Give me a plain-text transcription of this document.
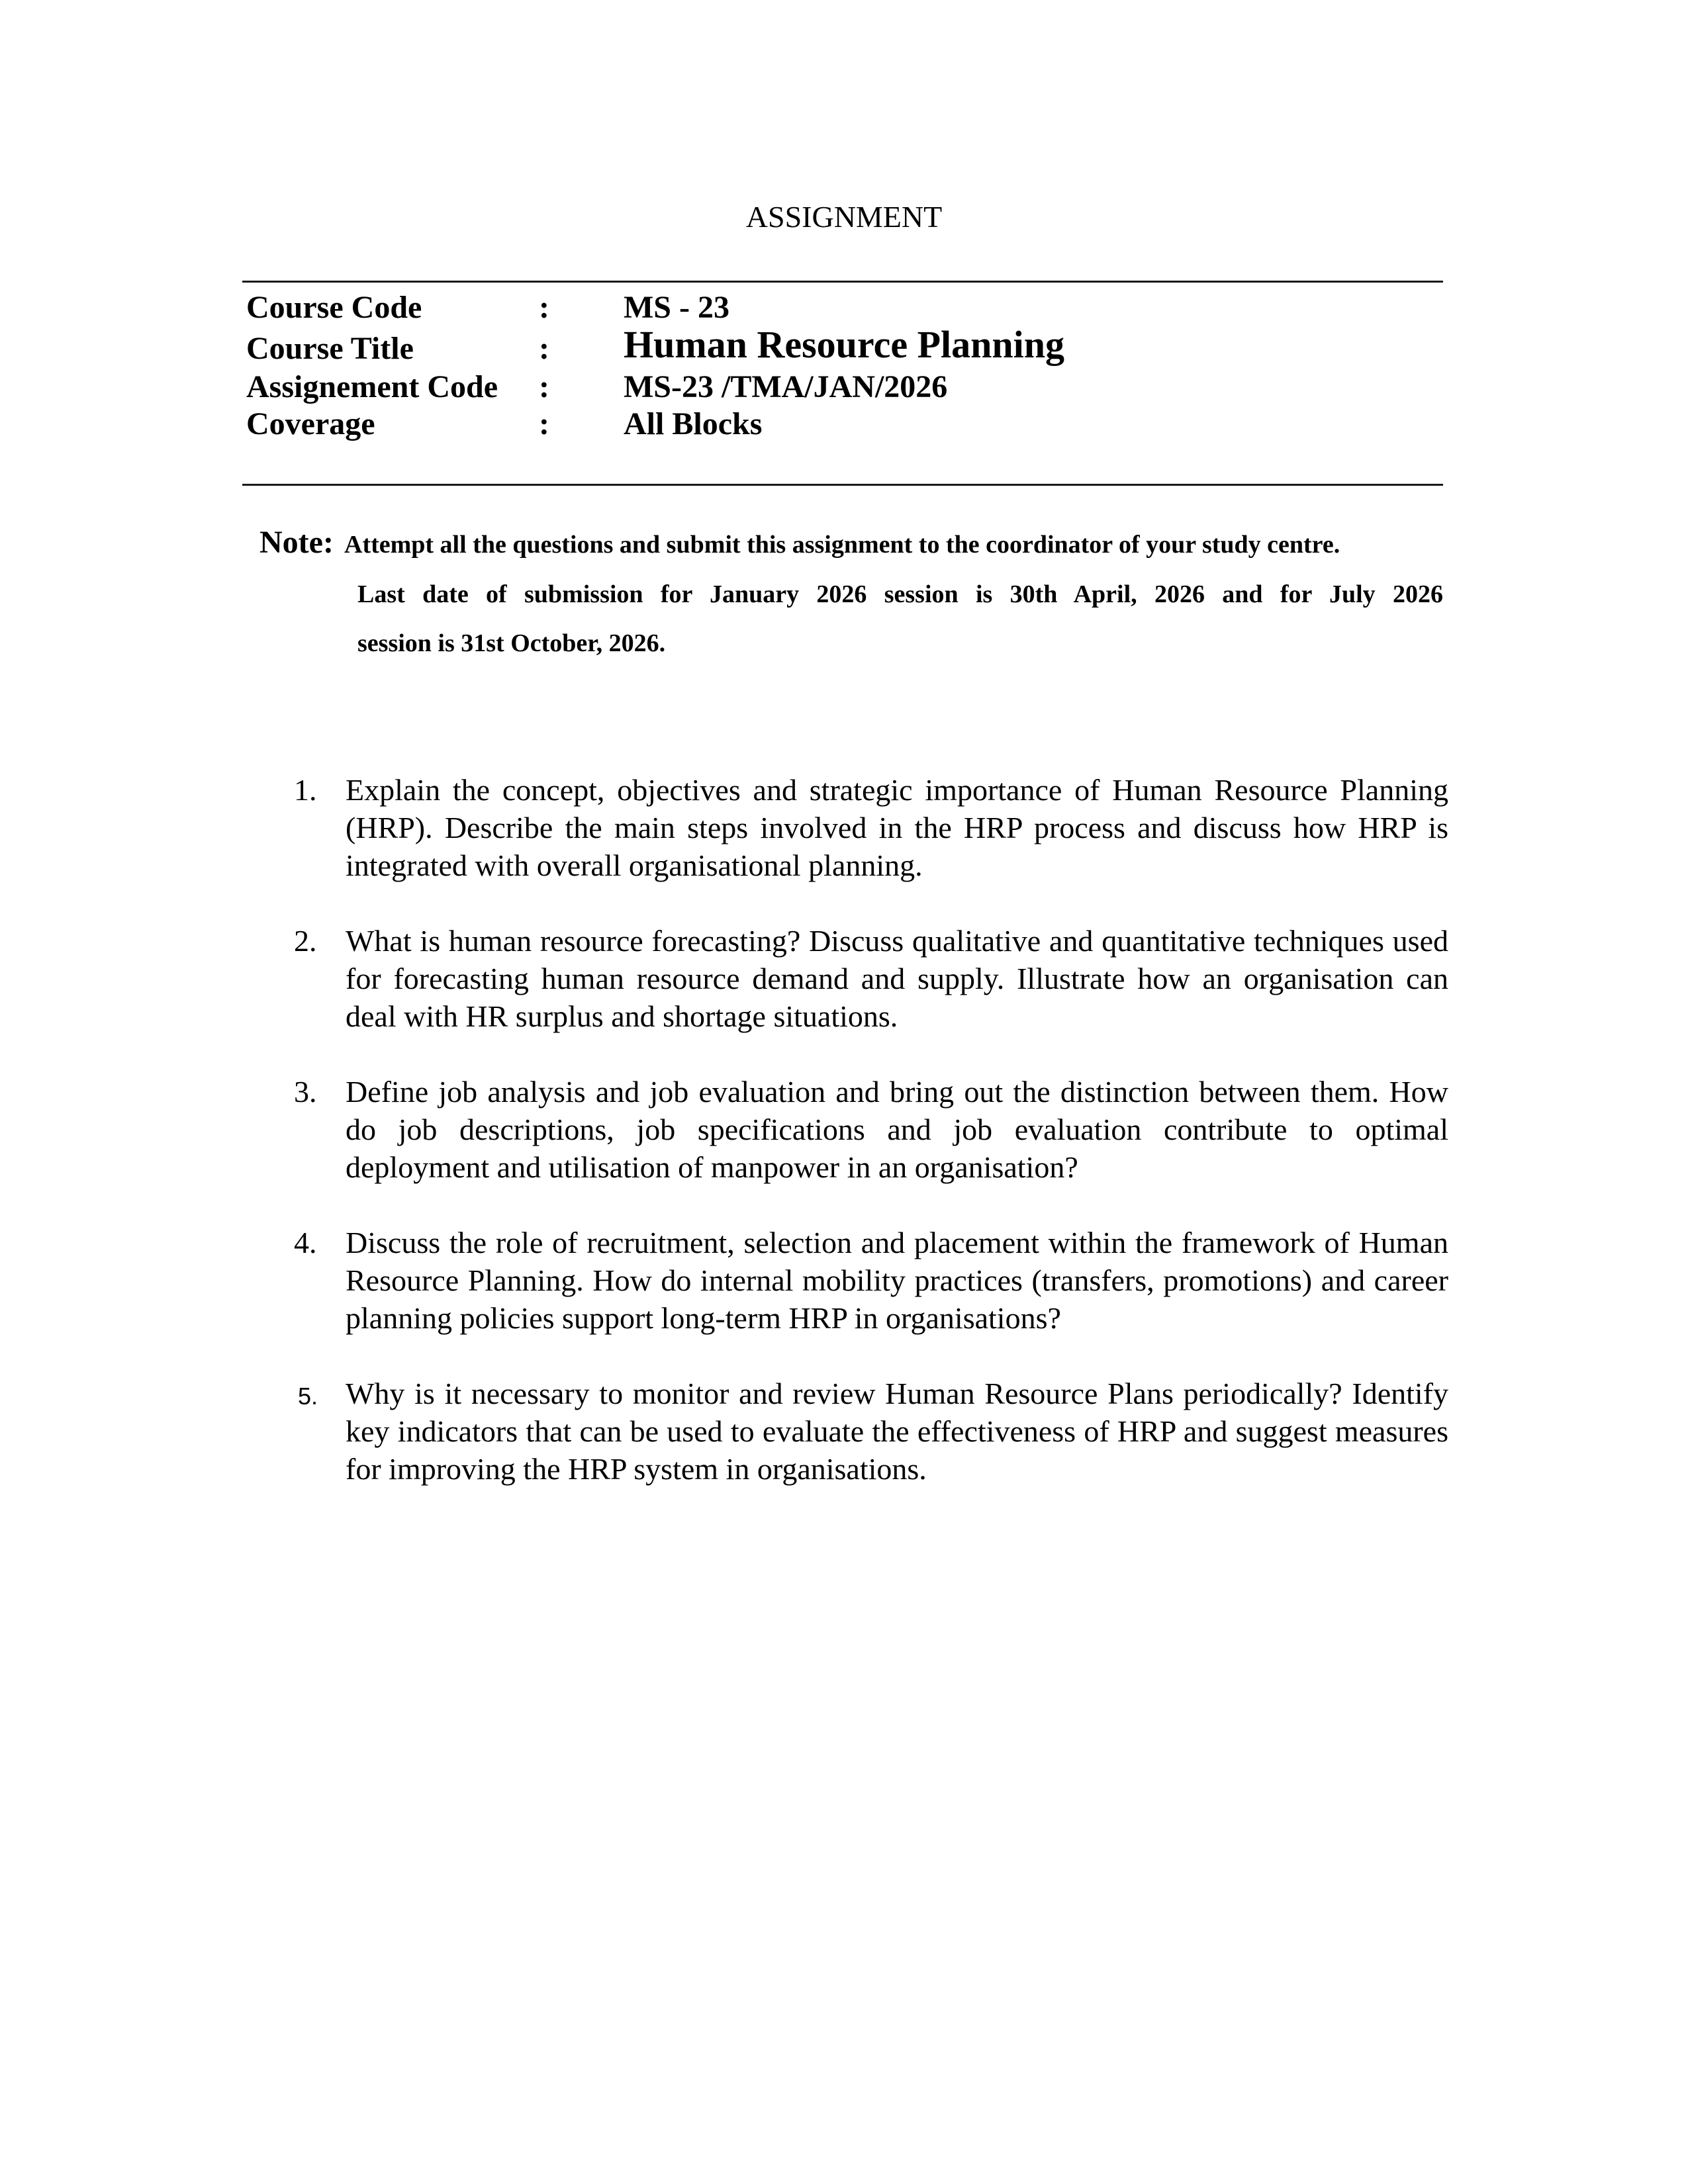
ASSIGNMENT
Course Code	: MS - 23
Course Title	: Human Resource Planning
Assignement Code : MS-23 /TMA/JAN/2026
Coverage	: All Blocks
Note: Attempt all the questions and submit this assignment to the coordinator of your study centre.
Last date of submission for January 2026 session is 30th April, 2026 and for July 2026
session is 31st October, 2026.
1. Explain the concept, objectives and strategic importance of Human Resource Planning (HRP). Describe the main steps involved in the HRP process and discuss how HRP is integrated with overall organisational planning.
2. What is human resource forecasting? Discuss qualitative and quantitative techniques used for forecasting human resource demand and supply. Illustrate how an organisation can deal with HR surplus and shortage situations.
3. Define job analysis and job evaluation and bring out the distinction between them. How do job descriptions, job specifications and job evaluation contribute to optimal deployment and utilisation of manpower in an organisation?
4. Discuss the role of recruitment, selection and placement within the framework of Human Resource Planning. How do internal mobility practices (transfers, promotions) and career planning policies support long-term HRP in organisations?
5. Why is it necessary to monitor and review Human Resource Plans periodically? Identify key indicators that can be used to evaluate the effectiveness of HRP and suggest measures for improving the HRP system in organisations.
